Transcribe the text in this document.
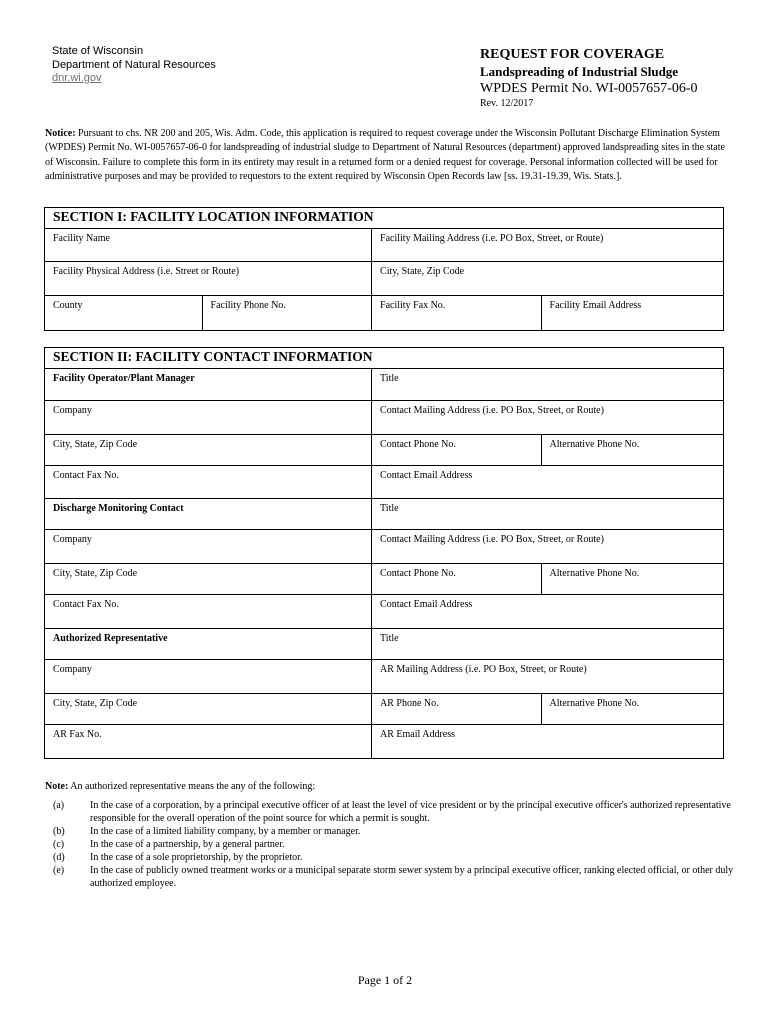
State of Wisconsin
Department of Natural Resources
dnr.wi.gov
REQUEST FOR COVERAGE
Landspreading of Industrial Sludge
WPDES Permit No. WI-0057657-06-0
Rev. 12/2017
Notice: Pursuant to chs. NR 200 and 205, Wis. Adm. Code, this application is required to request coverage under the Wisconsin Pollutant Discharge Elimination System (WPDES) Permit No. WI-0057657-06-0 for landspreading of industrial sludge to Department of Natural Resources (department) approved landspreading sites in the state of Wisconsin. Failure to complete this form in its entirety may result in a returned form or a denied request for coverage. Personal information collected will be used for administrative purposes and may be provided to requestors to the extent required by Wisconsin Open Records law [ss. 19.31-19.39, Wis. Stats.].
SECTION I: FACILITY LOCATION INFORMATION
Facility Name	Facility Mailing Address (i.e. PO Box, Street, or Route)
Facility Physical Address (i.e. Street or Route)	City, State, Zip Code
County	Facility Phone No.	Facility Fax No.	Facility Email Address
SECTION II: FACILITY CONTACT INFORMATION
Facility Operator/Plant Manager	Title
Company	Contact Mailing Address (i.e. PO Box, Street, or Route)
City, State, Zip Code	Contact Phone No.	Alternative Phone No.
Contact Fax No.	Contact Email Address
Discharge Monitoring Contact	Title
Company	Contact Mailing Address (i.e. PO Box, Street, or Route)
City, State, Zip Code	Contact Phone No.	Alternative Phone No.
Contact Fax No.	Contact Email Address
Authorized Representative	Title
Company	AR Mailing Address (i.e. PO Box, Street, or Route)
City, State, Zip Code	AR Phone No.	Alternative Phone No.
AR Fax No.	AR Email Address
Note: An authorized representative means the any of the following:
(a)	In the case of a corporation, by a principal executive officer of at least the level of vice president or by the principal executive officer's authorized representative responsible for the overall operation of the point source for which a permit is sought.
(b)	In the case of a limited liability company, by a member or manager.
(c)	In the case of a partnership, by a general partner.
(d)	In the case of a sole proprietorship, by the proprietor.
(e)	In the case of publicly owned treatment works or a municipal separate storm sewer system by a principal executive officer, ranking elected official, or other duly authorized employee.
Page 1 of 2
